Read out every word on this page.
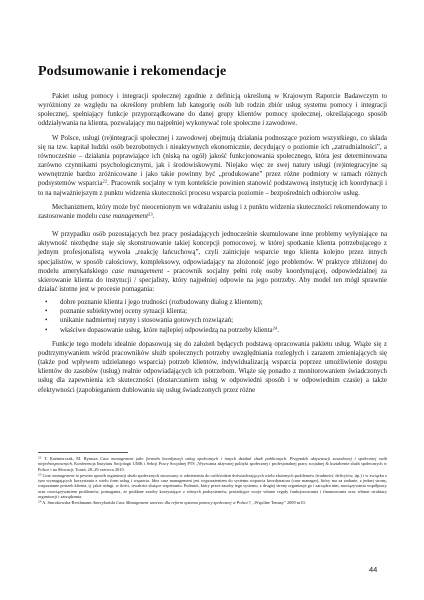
Podsumowanie i rekomendacje

Pakiet usług pomocy i integracji społecznej zgodnie z definicją określoną w Krajowym Raporcie Badawczym to wyróżniony ze względu na określony problem lub kategorię osób lub rodzin zbiór usług systemu pomocy i integracji społecznej, spełniający funkcje przyporządkowane do danej grupy klientów pomocy społecznej, określającego sposób oddziaływania na klienta, pozwalający mu najpełniej wykonywać role społeczne i zawodowe.

W Polsce, usługi (re)integracji społecznej i zawodowej obejmują działania podnoszące poziom wszystkiego, co składa się na tzw. kapitał ludzki osób bezrobotnych i nieaktywnych ekonomicznie, decydujący o poziomie ich „zatrudnialności”, a równocześnie – działania poprawiające ich (niską na ogół) jakość funkcjonowania społecznego, która jest determinowana zarówno czynnikami psychologicznymi, jak i środowiskowymi. Niejako więc ze swej natury usługi (re)integracyjne są wewnętrznie bardzo zróżnicowane i jako takie powinny być „produkowane” przez różne podmioty w ramach różnych podsystemów wsparcia$^{22}$. Pracownik socjalny w tym kontekście powinien stanowić podstawową instytucję ich koordynacji i to na najważniejszym z punktu widzenia skuteczności procesu wsparcia poziomie – bezpośrednich odbiorców usług.

Mechanizmem, który może być nieocenionym we wdrażaniu usług i z punktu widzenia skuteczności rekomendowany to zastosowanie modelu case management$^{23}$.

W przypadku osób pozostających bez pracy posiadających jednocześnie skumulowane inne problemy wyłyniające na aktywność niezbędne staje się skonstruowanie takiej koncepcji pomocowej, w której spotkanie klienta potrzebującego z jednym profesjonalistą wywoła „reakcję łańcuchową”, czyli zainicjuje wsparcie tego klienta kolejno przez innych specjalistów, w sposób całościowy, kompleksowy, odpowiadający na złożoność jego problemów. W praktyce zbliżonej do modelu amerykańskiego case management - pracownik socjalny pełni rolę osoby koordynującej, odpowiedzialnej za skierowanie klienta do instytucji / specjalisty, który najpełniej odpowie na jego potrzeby. Aby model ten mógł sprawnie działać istotne jest w procesie pomagania:

• dobre poznanie klienta i jego trudności (rozbudowany dialog z klientem);
• poznanie subiektywnej oceny sytuacji klienta;
• unikanie nadmiernej rutyny i stosowania gotowych rozwiązań;
• właściwe dopasowanie usług, które najlepiej odpowiedzą na potrzeby klienta$^{24}$.

Funkcje tego modelu idealnie dopasowują się do założeń będących podstawą opracowania pakietu usług. Wiąże się z podtrzymywaniem wśród pracowników służb społecznych potrzeby uwzględniania rozległych i zarazem zmieniających się (także pod wpływem udzielanego wsparcia) potrzeb klientów, indywidualizacją wsparcia poprzez umożliwienie dostępu klientów do zasobów (usług) realnie odpowiadających ich potrzebom. Wiąże się ponadto z monitorowaniem świadczonych usług dla zapewnienia ich skuteczności (dostarczaniem usług w odpowiedni sposób i w odpowiednim czasie) a także efektywności (zapobieganiem dublowaniu się usług świadczonych przez różne

$^{22}$ T. Kaźmierczak, M. Rymsza Case management jako formuła koordynacji usług społecznych i innych działań służb publicznych. Przypadek aktywizacji zawodowej i społecznej osób niepełnosprawnych, Konferencja Instytutu Socjologii UMK i Sekcji Pracy Socjalnej PTS „Wyzwania aktywnej polityki społecznej i profesjonalnej pracy socjalnej & kształcenie służb społecznych w Polsce i na Słowacji, Toruń, 28–29 czerwca 2010.

$^{23}$ Case management to pewien sposób organizacji służb społecznych stosowany w odniesieniu do osób/rodzin doświadczających wielu złożonych problemów (trudności, deficytów, itp.) i w związku z tym wymagających korzystania z wielu form usług i wsparcia. Idea case management jest wyposażeniem do systemu wsparcia koordynatora (case manager), który ma za zadanie, z jednej strony, rozpoznanie potrzeb klienta, tj. jakie usługi, w ilości, trwałości służące wspieraniu. Podmiot, który przez zasoby tego systemu, z drugiej strony organizuje go i zarządza nim, nawiązywaniu współpracy oraz rozwiązywaniem problemów, pomagania, że poddane zasoby korzystające z różnych podsystemów, posiadające swoje własne reguły funkcjonowania i finansowania oraz własne struktury organizacji i zarządzania.

$^{24}$ A. Smrokowska-Reichmann Amerykański Case Management wzorzec dla reform systemu pomocy społecznej w Polsce?, „Wspólne Tematy” 2009 nr10.

44
